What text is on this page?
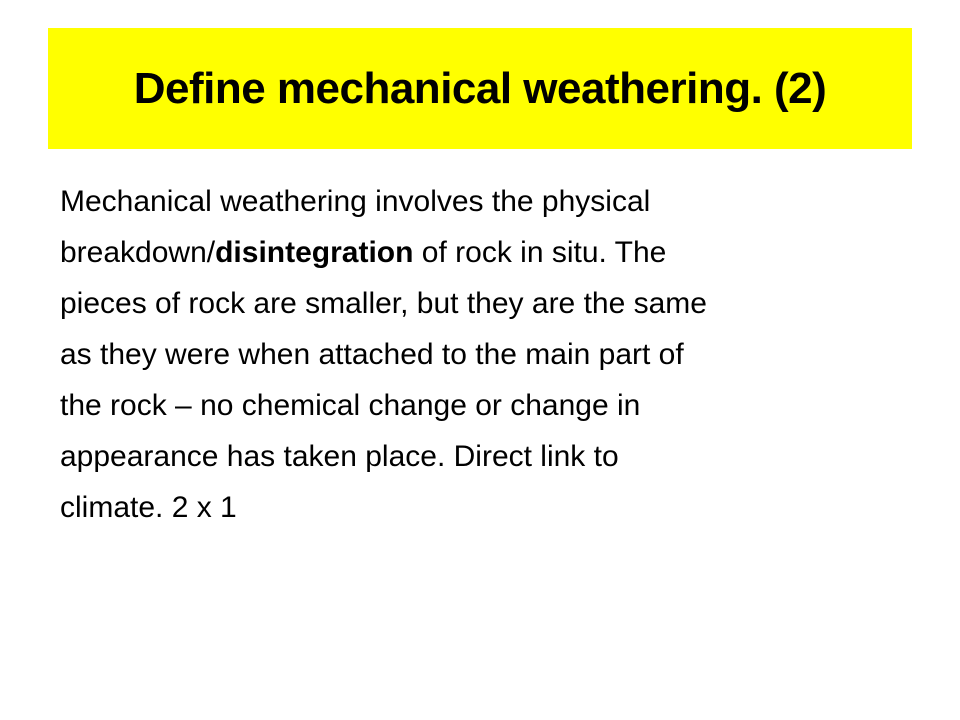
Define mechanical weathering. (2)
Mechanical weathering involves the physical
breakdown/disintegration of rock in situ. The
pieces of rock are smaller, but they are the same
as they were when attached to the main part of
the rock – no chemical change or change in
appearance has taken place. Direct link to
climate. 2 x 1
